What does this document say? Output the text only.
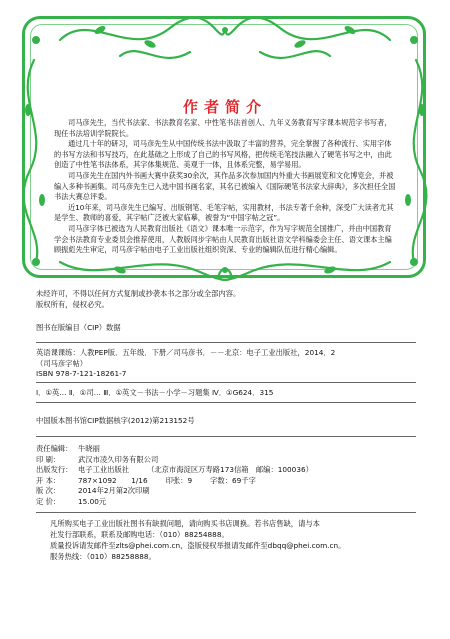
作者简介

司马彦先生，当代书法家、书法教育名家、中性笔书法首创人、九年义务教育写字课本规范字书写者，现任书法培训学院院长。

通过几十年的研习，司马彦先生从中国传统书法中汲取了丰富的营养，完全掌握了各种流行、实用字体的书写方法和书写技巧，在此基础之上形成了自己的书写风格，把传统毛笔技法融入了硬笔书写之中，由此创造了中性笔书法体系，其字体集规范、美观于一体，且体系完整，易学易用。

司马彦先生在国内外书画大赛中获奖30余次，其作品多次参加国内外重大书画展览和文化博览会，并被编入多种书画集。司马彦先生已入选中国书画名家，其名已被编入《国际硬笔书法家大辞典》，多次担任全国书法大赛总评委。

近10年来，司马彦先生已编写、出版钢笔、毛笔字帖，实用教材，书法专著千余种，深受广大读者尤其是学生、教师的喜爱，其字帖广泛被大家临摹，被誉为“中国字帖之冠”。

司马彦字体已被选为人民教育出版社《语文》课本唯一示范字，作为写字规范全国推广，并由中国教育学会书法教育专业委员会推荐使用，人教版同步字帖由人民教育出版社语文学科编委会主任、语文课本主编顾振彪先生审定，司马彦字帖由电子工业出版社组织资深、专业的编辑队伍进行精心编辑。

未经许可，不得以任何方式复制或抄袭本书之部分或全部内容。
版权所有，侵权必究。
图书在版编目（CIP）数据
英语课课练：人教PEP版．五年级．下册／司马彦书．－－北京：电子工业出版社，2014．2
（司马彦字帖）
ISBN 978-7-121-18261-7
Ⅰ．①英… Ⅱ．①司… Ⅲ．①英文－书法－小学－习题集 Ⅳ．①G624．315
中国版本图书馆CIP数据核字(2012)第213152号
责任编辑： 牛晓丽
印 刷：	武汉市凌久印务有限公司
出版发行： 电子工业出版社 （北京市海淀区万寿路173信箱　邮编：100036）
开 本：	787×1092　　1/16 印张：9 字数：69千字
版 次：	2014年2月第2次印刷
定 价：	15.00元

凡所购买电子工业出版社图书有缺损问题，请向购买书店调换。若书店售缺，请与本

社发行部联系，联系及邮购电话：（010）88254888。

质量投诉请发邮件至zlts@phei.com.cn，盗版侵权举报请发邮件至dbqq@phei.com.cn。

服务热线：（010）88258888。
